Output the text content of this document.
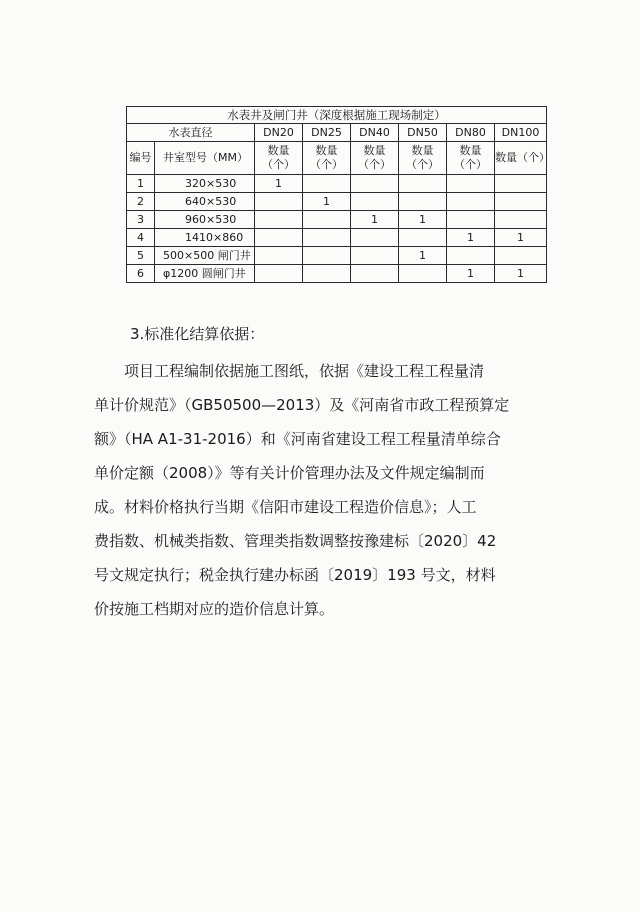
水表井及闸门井（深度根据施工现场制定）							
水表直径		DN20	DN25	DN40	DN50	DN80	DN100
编号	井室型号（MM）	数量（个）	数量（个）	数量（个）	数量（个）	数量（个）	数量（个）
1	320×530	1					
2	640×530		1				
3	960×530			1	1		
4	1410×860					1	1
5	500×500 闸门井				1		
6	φ1200 圆闸门井					1	1
3.标准化结算依据：
项目工程编制依据施工图纸，依据《建设工程工程量清
单计价规范》（GB50500—2013）及《河南省市政工程预算定
额》（HA A1-31-2016）和《河南省建设工程工程量清单综合
单价定额（2008）》等有关计价管理办法及文件规定编制而
成。材料价格执行当期《信阳市建设工程造价信息》；人工
费指数、机械类指数、管理类指数调整按豫建标〔2020〕42
号文规定执行；税金执行建办标函〔2019〕193 号文，材料
价按施工档期对应的造价信息计算。
